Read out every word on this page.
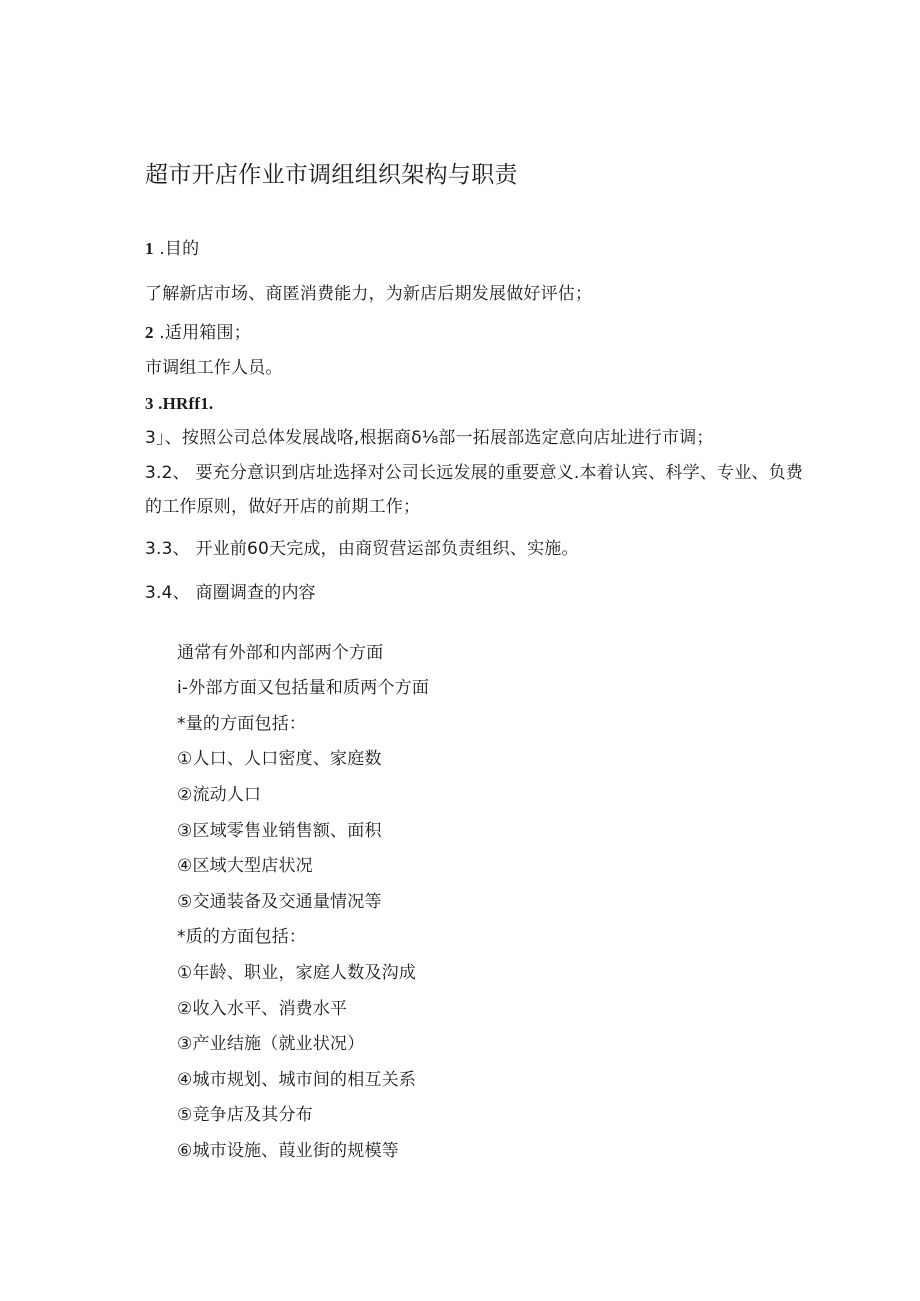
超市开店作业市调组组织架构与职责
1 .目的
了解新店市场、商匿消费能力，为新店后期发展做好评估；
2 .适用箱围；
市调组工作人员。
3 .HRff1.
3」、按照公司总体发展战咯,根据商δ⅛部一拓展部选定意向店址进行市调；
3.2、 要充分意识到店址选择对公司长远发展的重要意义.本着认宾、科学、专业、负费
的工作原则，做好开店的前期工作；
3.3、 开业前60天完成，由商贸营运部负责组织、实施。
3.4、 商圈调查的内容
通常有外部和内部两个方面
i-外部方面又包括量和质两个方面
*量的方面包括：
①人口、人口密度、家庭数
②流动人口
③区域零售业销售额、面积
④区域大型店状况
⑤交通装备及交通量情况等
*质的方面包括：
①年龄、职业，家庭人数及沟成
②收入水平、消费水平
③产业结施（就业状况）
④城市规划、城市间的相互关系
⑤竞争店及其分布
⑥城市设施、葭业街的规模等
